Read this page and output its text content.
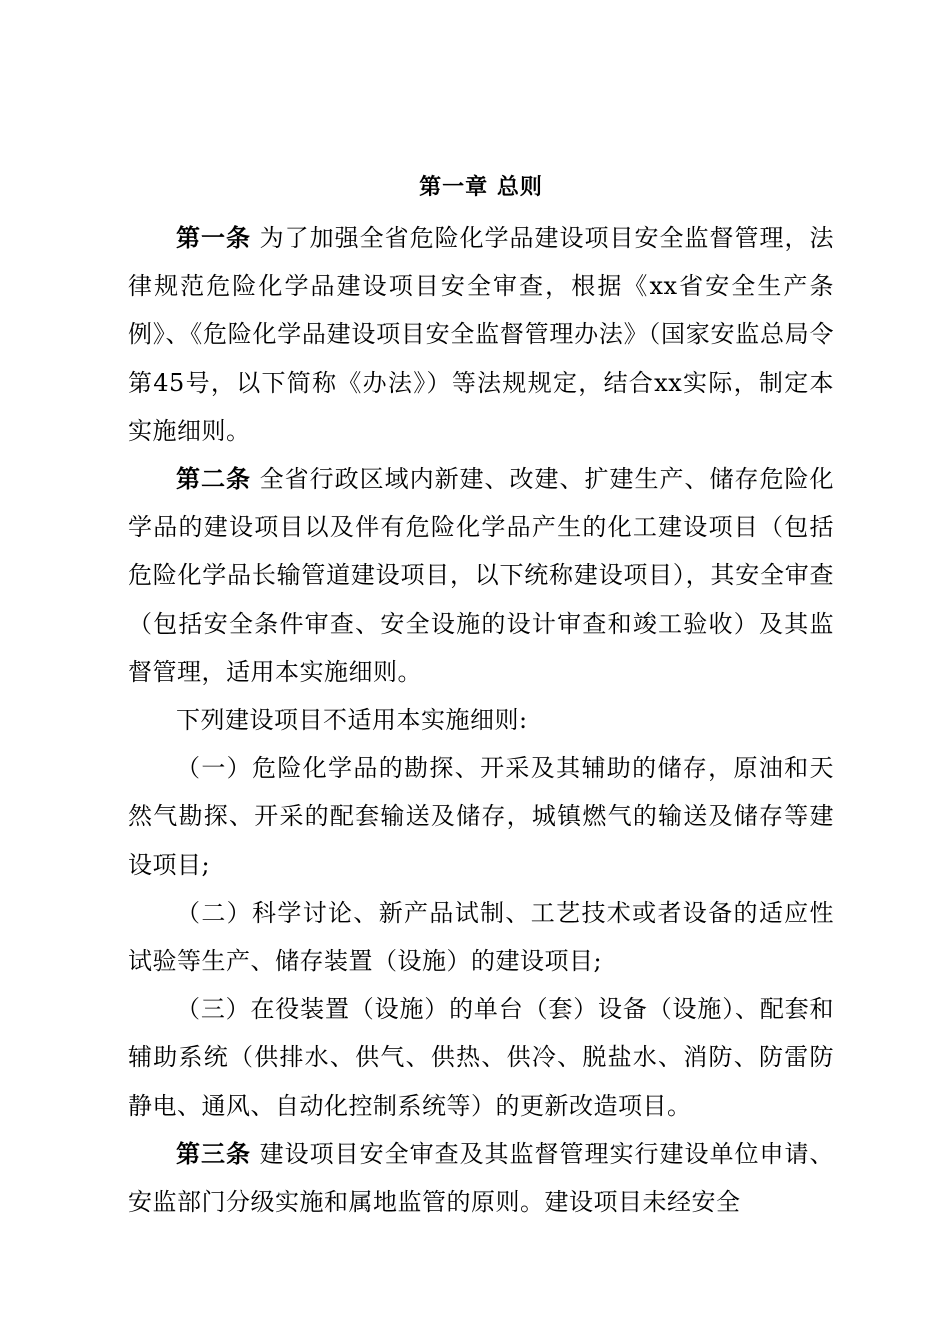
第一章 总则

第一条 为了加强全省危险化学品建设项目安全监督管理，法律规范危险化学品建设项目安全审查，根据《xx省安全生产条例》、《危险化学品建设项目安全监督管理办法》（国家安监总局令第45号，以下简称《办法》）等法规规定，结合xx实际，制定本实施细则。

第二条 全省行政区域内新建、改建、扩建生产、储存危险化学品的建设项目以及伴有危险化学品产生的化工建设项目（包括危险化学品长输管道建设项目，以下统称建设项目），其安全审查（包括安全条件审查、安全设施的设计审查和竣工验收）及其监督管理，适用本实施细则。

下列建设项目不适用本实施细则:

（一）危险化学品的勘探、开采及其辅助的储存，原油和天然气勘探、开采的配套输送及储存，城镇燃气的输送及储存等建设项目;

（二）科学讨论、新产品试制、工艺技术或者设备的适应性试验等生产、储存装置（设施）的建设项目;

（三）在役装置（设施）的单台（套）设备（设施）、配套和辅助系统（供排水、供气、供热、供冷、脱盐水、消防、防雷防静电、通风、自动化控制系统等）的更新改造项目。

第三条 建设项目安全审查及其监督管理实行建设单位申请、安监部门分级实施和属地监管的原则。建设项目未经安全
